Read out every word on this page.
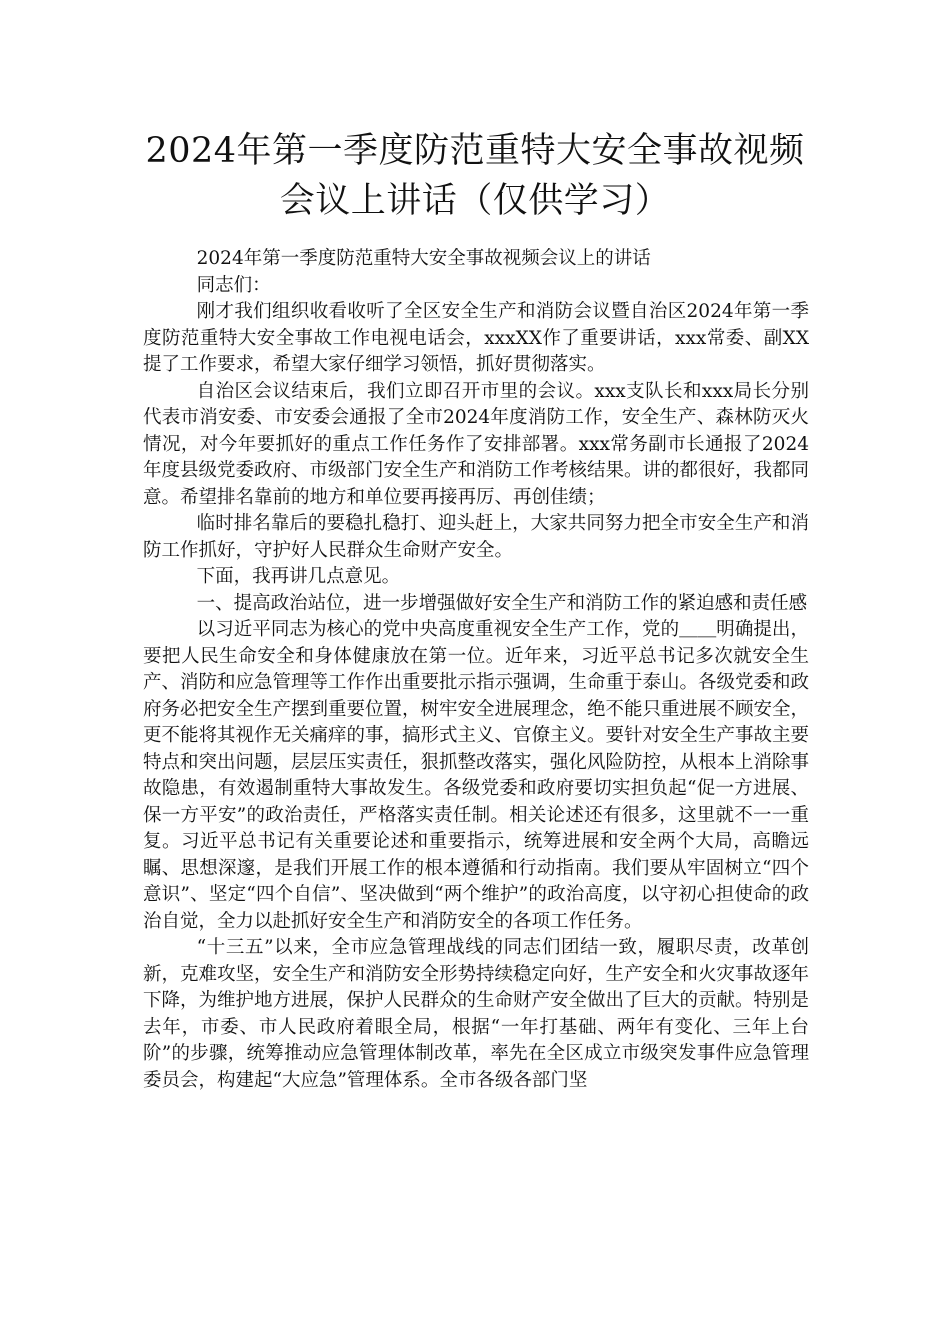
2024年第一季度防范重特大安全事故视频
会议上讲话（仅供学习）

2024年第一季度防范重特大安全事故视频会议上的讲话

同志们：

刚才我们组织收看收听了全区安全生产和消防会议暨自治区2024年第一季度防范重特大安全事故工作电视电话会，xxxXX作了重要讲话，xxx常委、副XX提了工作要求，希望大家仔细学习领悟，抓好贯彻落实。

自治区会议结束后，我们立即召开市里的会议。xxx支队长和xxx局长分别代表市消安委、市安委会通报了全市2024年度消防工作，安全生产、森林防灭火情况，对今年要抓好的重点工作任务作了安排部署。xxx常务副市长通报了2024年度县级党委政府、市级部门安全生产和消防工作考核结果。讲的都很好，我都同意。希望排名靠前的地方和单位要再接再厉、再创佳绩；

临时排名靠后的要稳扎稳打、迎头赶上，大家共同努力把全市安全生产和消防工作抓好，守护好人民群众生命财产安全。

下面，我再讲几点意见。

一、提高政治站位，进一步增强做好安全生产和消防工作的紧迫感和责任感

以习近平同志为核心的党中央高度重视安全生产工作，党的＿＿明确提出，要把人民生命安全和身体健康放在第一位。近年来，习近平总书记多次就安全生产、消防和应急管理等工作作出重要批示指示强调，生命重于泰山。各级党委和政府务必把安全生产摆到重要位置，树牢安全进展理念，绝不能只重进展不顾安全，更不能将其视作无关痛痒的事，搞形式主义、官僚主义。要针对安全生产事故主要特点和突出问题，层层压实责任，狠抓整改落实，强化风险防控，从根本上消除事故隐患，有效遏制重特大事故发生。各级党委和政府要切实担负起“促一方进展、保一方平安”的政治责任，严格落实责任制。相关论述还有很多，这里就不一一重复。习近平总书记有关重要论述和重要指示，统筹进展和安全两个大局，高瞻远瞩、思想深邃，是我们开展工作的根本遵循和行动指南。我们要从牢固树立“四个意识”、坚定“四个自信”、坚决做到“两个维护”的政治高度，以守初心担使命的政治自觉，全力以赴抓好安全生产和消防安全的各项工作任务。

“十三五”以来，全市应急管理战线的同志们团结一致，履职尽责，改革创新，克难攻坚，安全生产和消防安全形势持续稳定向好，生产安全和火灾事故逐年下降，为维护地方进展，保护人民群众的生命财产安全做出了巨大的贡献。特别是去年，市委、市人民政府着眼全局，根据“一年打基础、两年有变化、三年上台阶”的步骤，统筹推动应急管理体制改革，率先在全区成立市级突发事件应急管理委员会，构建起“大应急”管理体系。全市各级各部门坚
